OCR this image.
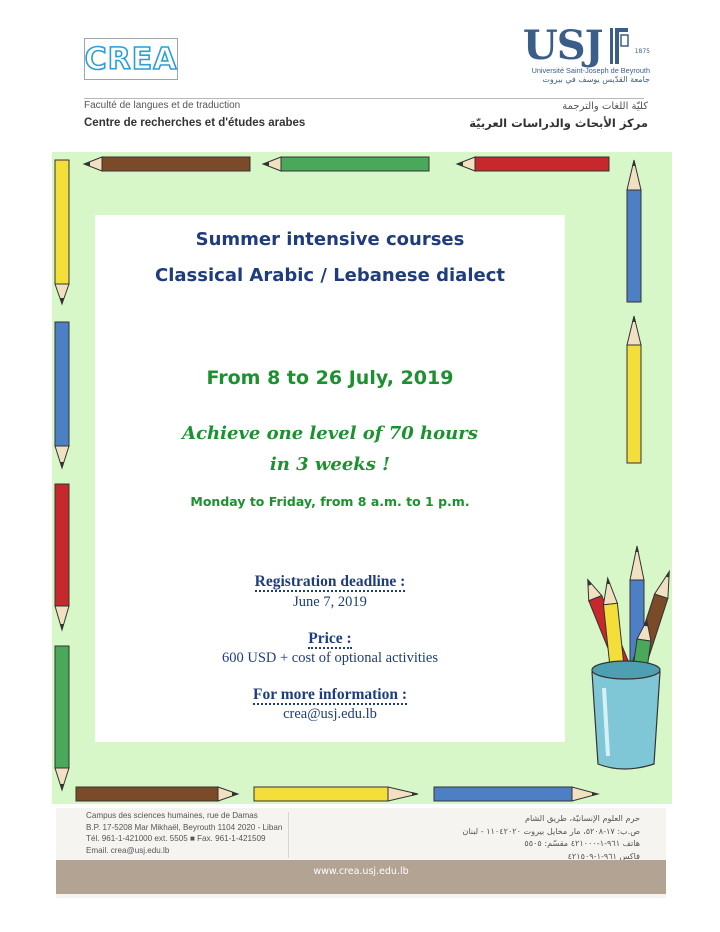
CREA	USJ	1875
Université Saint-Joseph de Beyrouth
جامعة القدّيس يوسف في بيروت
Faculté de langues et de traduction
Centre de recherches et d'études arabes
كليّة اللغات والترجمة
مركز الأبحاث والدراسات العربيّة
Summer intensive courses
Classical Arabic / Lebanese dialect
From 8 to 26 July, 2019
Achieve one level of 70 hours
in 3 weeks !
Monday to Friday, from 8 a.m. to 1 p.m.
Registration deadline :
June 7, 2019
Price :
600 USD + cost of optional activities
For more information :
crea@usj.edu.lb
Campus des sciences humaines, rue de Damas
B.P. 17-5208 Mar Mikhaël, Beyrouth 1104 2020 - Liban
Tél. 961-1-421000 ext. 5505 ■ Fax. 961-1-421509
Email. crea@usj.edu.lb
حرم العلوم الإنسانيّة، طريق الشام
ص.ب: ١٧-٥٢٠٨، مار مخايل بيروت ١١٠٤٢٠٢٠ - لبنان
هاتف ٩٦١-١-٤٢١٠٠٠ مقسّم: ٥٥٠٥
فاكس ٩٦١-١-٤٢١٥٠٩
www.crea.usj.edu.lb
